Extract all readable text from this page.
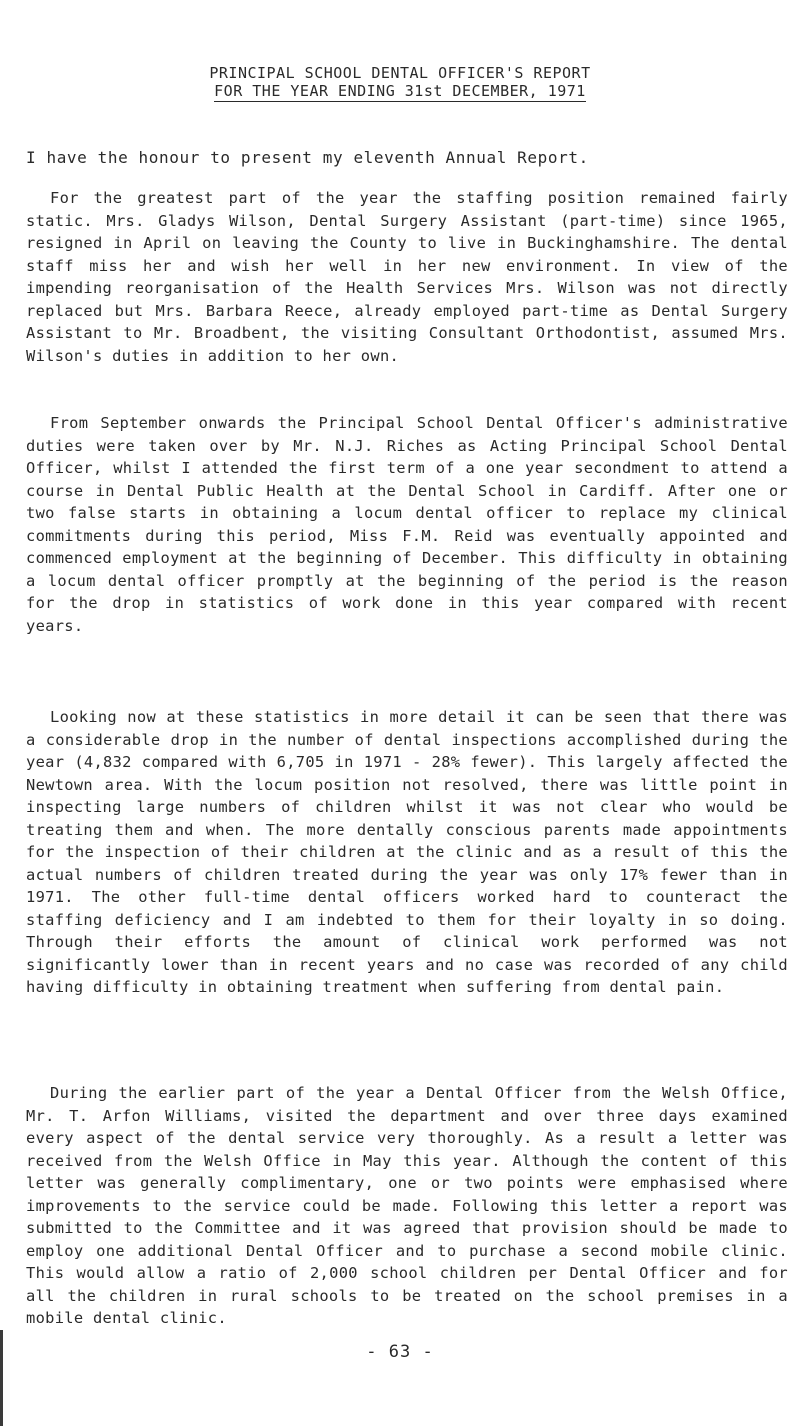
PRINCIPAL SCHOOL DENTAL OFFICER'S REPORT
FOR THE YEAR ENDING 31st DECEMBER, 1971
I have the honour to present my eleventh Annual Report.

For the greatest part of the year the staffing position remained fairly static. Mrs. Gladys Wilson, Dental Surgery Assistant (part-time) since 1965, resigned in April on leaving the County to live in Buckinghamshire. The dental staff miss her and wish her well in her new environment. In view of the impending reorganisation of the Health Services Mrs. Wilson was not directly replaced but Mrs. Barbara Reece, already employed part-time as Dental Surgery Assistant to Mr. Broadbent, the visiting Consultant Orthodontist, assumed Mrs. Wilson's duties in addition to her own.

From September onwards the Principal School Dental Officer's administrative duties were taken over by Mr. N.J. Riches as Acting Principal School Dental Officer, whilst I attended the first term of a one year secondment to attend a course in Dental Public Health at the Dental School in Cardiff. After one or two false starts in obtaining a locum dental officer to replace my clinical commitments during this period, Miss F.M. Reid was eventually appointed and commenced employment at the beginning of December. This difficulty in obtaining a locum dental officer promptly at the beginning of the period is the reason for the drop in statistics of work done in this year compared with recent years.

Looking now at these statistics in more detail it can be seen that there was a considerable drop in the number of dental inspections accomplished during the year (4,832 compared with 6,705 in 1971 - 28% fewer). This largely affected the Newtown area. With the locum position not resolved, there was little point in inspecting large numbers of children whilst it was not clear who would be treating them and when. The more dentally conscious parents made appointments for the inspection of their children at the clinic and as a result of this the actual numbers of children treated during the year was only 17% fewer than in 1971. The other full-time dental officers worked hard to counteract the staffing deficiency and I am indebted to them for their loyalty in so doing. Through their efforts the amount of clinical work performed was not significantly lower than in recent years and no case was recorded of any child having difficulty in obtaining treatment when suffering from dental pain.

During the earlier part of the year a Dental Officer from the Welsh Office, Mr. T. Arfon Williams, visited the department and over three days examined every aspect of the dental service very thoroughly. As a result a letter was received from the Welsh Office in May this year. Although the content of this letter was generally complimentary, one or two points were emphasised where improvements to the service could be made. Following this letter a report was submitted to the Committee and it was agreed that provision should be made to employ one additional Dental Officer and to purchase a second mobile clinic. This would allow a ratio of 2,000 school children per Dental Officer and for all the children in rural schools to be treated on the school premises in a mobile dental clinic.

- 63 -
